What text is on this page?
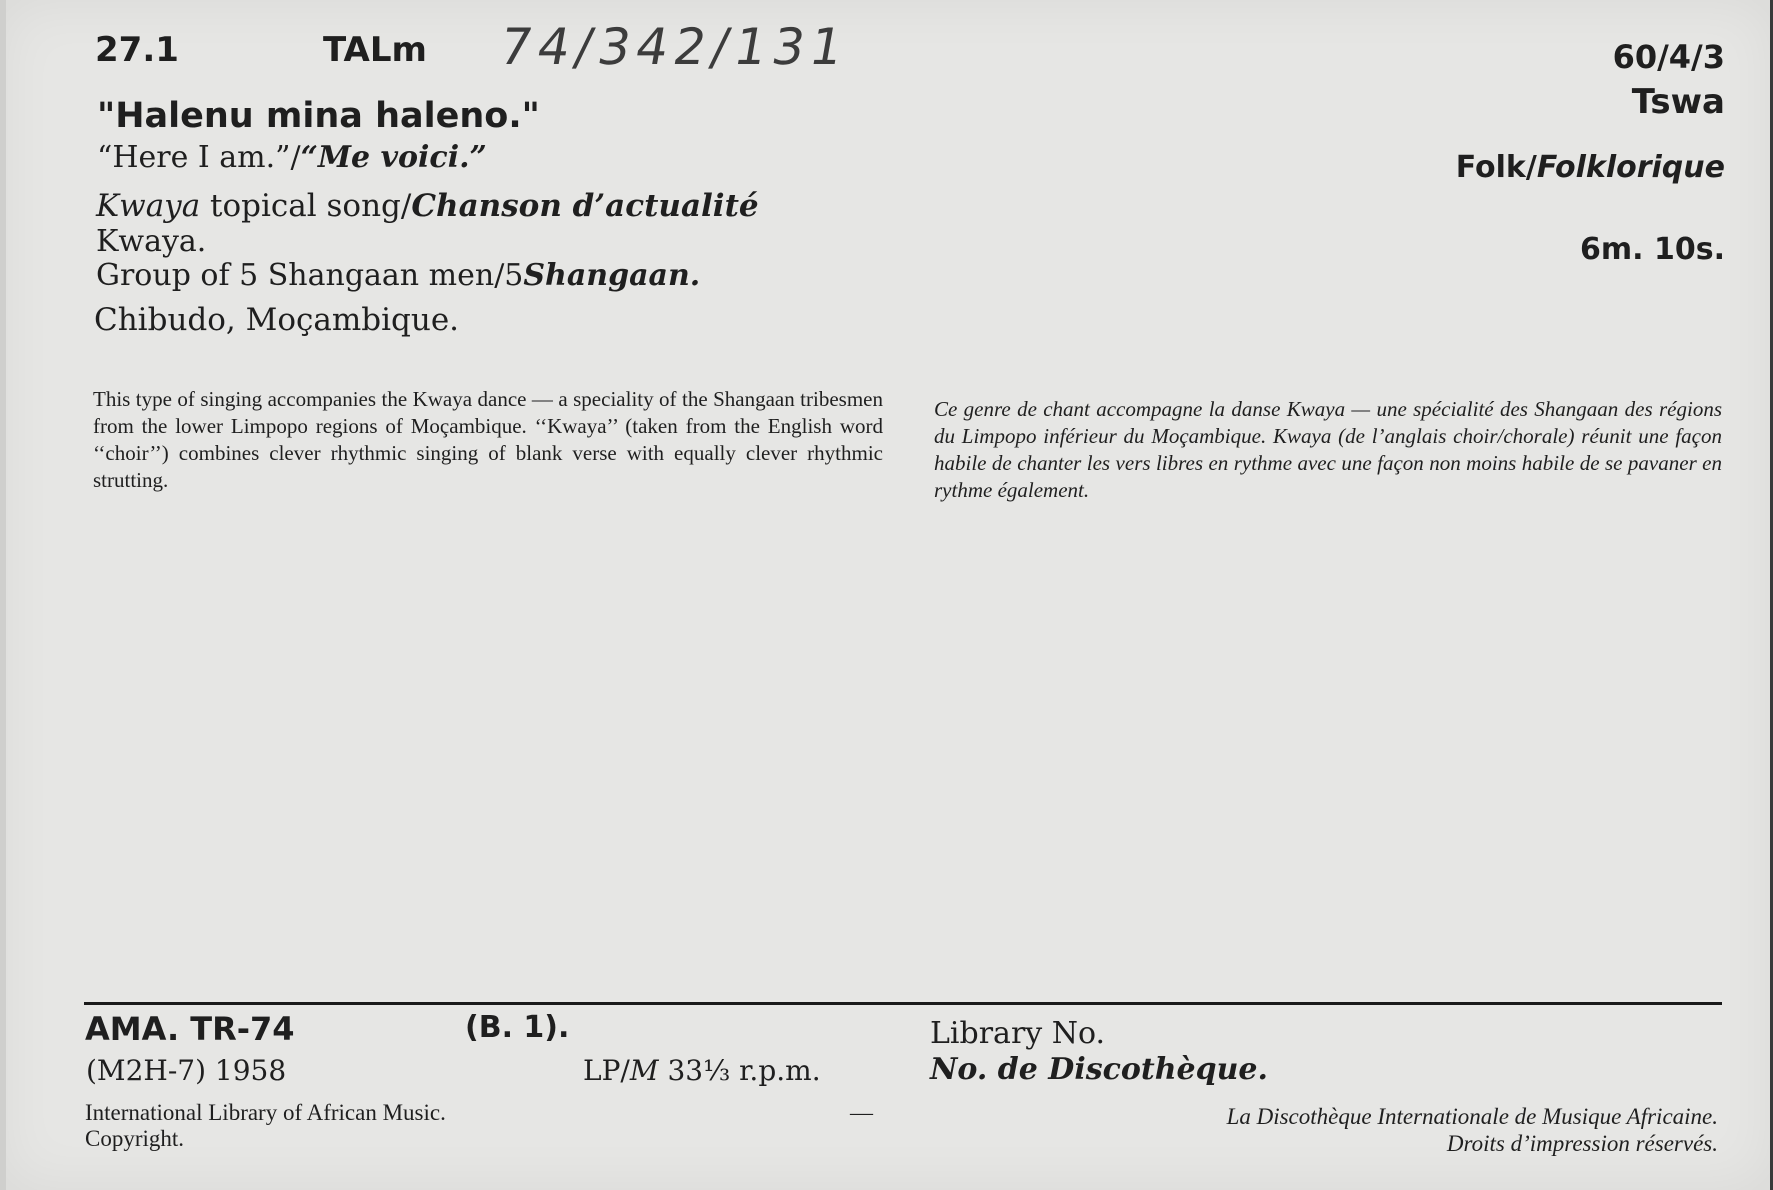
27.1	TALm 74/342/131	60/4/3
Tswa
"Halenu mina haleno."
“Here I am.”/“Me voici.”
Kwaya topical song/Chanson d’actualité
Folk/Folklorique
Kwaya.	6m. 10s.
Group of 5 Shangaan men/5Shangaan.
Chibudo, Moçambique.
This type of singing accompanies the Kwaya dance — a speciality of the Shangaan tribesmen from the lower Limpopo regions of Moçambique. ‘‘Kwaya’’ (taken from the English word ‘‘choir’’) combines clever rhythmic singing of blank verse with equally clever rhythmic strutting.
Ce genre de chant accompagne la danse Kwaya — une spécialité des Shangaan des régions du Limpopo inférieur du Moçambique. Kwaya (de l’anglais choir/chorale) réunit une façon habile de chanter les vers libres en rythme avec une façon non moins habile de se pavaner en rythme également.
AMA. TR-74	(B. 1).
(M2H-7) 1958	LP/M 33⅓ r.p.m.
Library No.
No. de Discothèque.
International Library of African Music.
Copyright.
—	La Discothèque Internationale de Musique Africaine.
Droits d’impression réservés.
